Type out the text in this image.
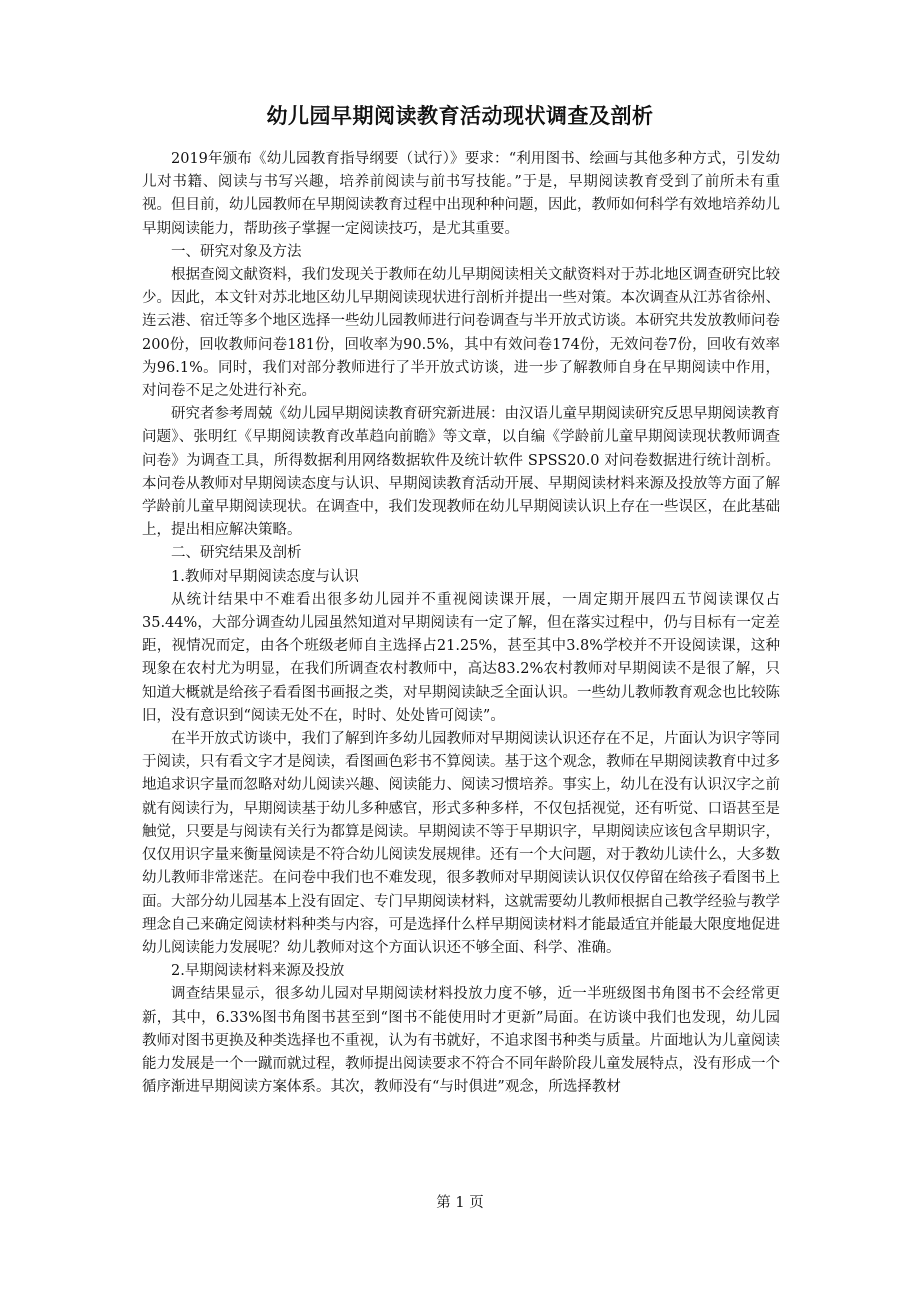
幼儿园早期阅读教育活动现状调查及剖析

2019年颁布《幼儿园教育指导纲要（试行）》要求：“利用图书、绘画与其他多种方式，引发幼儿对书籍、阅读与书写兴趣，培养前阅读与前书写技能。”于是，早期阅读教育受到了前所未有重视。但目前，幼儿园教师在早期阅读教育过程中出现种种问题，因此，教师如何科学有效地培养幼儿早期阅读能力，帮助孩子掌握一定阅读技巧，是尤其重要。

一、研究对象及方法

根据查阅文献资料，我们发现关于教师在幼儿早期阅读相关文献资料对于苏北地区调查研究比较少。因此，本文针对苏北地区幼儿早期阅读现状进行剖析并提出一些对策。本次调查从江苏省徐州、连云港、宿迁等多个地区选择一些幼儿园教师进行问卷调查与半开放式访谈。本研究共发放教师问卷200份，回收教师问卷181份，回收率为90.5%，其中有效问卷174份，无效问卷7份，回收有效率为96.1%。同时，我们对部分教师进行了半开放式访谈，进一步了解教师自身在早期阅读中作用，对问卷不足之处进行补充。

研究者参考周兢《幼儿园早期阅读教育研究新进展：由汉语儿童早期阅读研究反思早期阅读教育问题》、张明红《早期阅读教育改革趋向前瞻》等文章，以自编《学龄前儿童早期阅读现状教师调查问卷》为调查工具，所得数据利用网络数据软件及统计软件 SPSS20.0 对问卷数据进行统计剖析。本问卷从教师对早期阅读态度与认识、早期阅读教育活动开展、早期阅读材料来源及投放等方面了解学龄前儿童早期阅读现状。在调查中，我们发现教师在幼儿早期阅读认识上存在一些误区，在此基础上，提出相应解决策略。

二、研究结果及剖析

1.教师对早期阅读态度与认识

从统计结果中不难看出很多幼儿园并不重视阅读课开展，一周定期开展四五节阅读课仅占35.44%，大部分调查幼儿园虽然知道对早期阅读有一定了解，但在落实过程中，仍与目标有一定差距，视情况而定，由各个班级老师自主选择占21.25%，甚至其中3.8%学校并不开设阅读课，这种现象在农村尤为明显，在我们所调查农村教师中，高达83.2%农村教师对早期阅读不是很了解，只知道大概就是给孩子看看图书画报之类，对早期阅读缺乏全面认识。一些幼儿教师教育观念也比较陈旧，没有意识到“阅读无处不在，时时、处处皆可阅读”。

在半开放式访谈中，我们了解到许多幼儿园教师对早期阅读认识还存在不足，片面认为识字等同于阅读，只有看文字才是阅读，看图画色彩书不算阅读。基于这个观念，教师在早期阅读教育中过多地追求识字量而忽略对幼儿阅读兴趣、阅读能力、阅读习惯培养。事实上，幼儿在没有认识汉字之前就有阅读行为，早期阅读基于幼儿多种感官，形式多种多样，不仅包括视觉，还有听觉、口语甚至是触觉，只要是与阅读有关行为都算是阅读。早期阅读不等于早期识字，早期阅读应该包含早期识字，仅仅用识字量来衡量阅读是不符合幼儿阅读发展规律。还有一个大问题，对于教幼儿读什么，大多数幼儿教师非常迷茫。在问卷中我们也不难发现，很多教师对早期阅读认识仅仅停留在给孩子看图书上面。大部分幼儿园基本上没有固定、专门早期阅读材料，这就需要幼儿教师根据自己教学经验与教学理念自己来确定阅读材料种类与内容，可是选择什么样早期阅读材料才能最适宜并能最大限度地促进幼儿阅读能力发展呢？幼儿教师对这个方面认识还不够全面、科学、准确。

2.早期阅读材料来源及投放

调查结果显示，很多幼儿园对早期阅读材料投放力度不够，近一半班级图书角图书不会经常更新，其中，6.33%图书角图书甚至到“图书不能使用时才更新”局面。在访谈中我们也发现，幼儿园教师对图书更换及种类选择也不重视，认为有书就好，不追求图书种类与质量。片面地认为儿童阅读能力发展是一个一蹴而就过程，教师提出阅读要求不符合不同年龄阶段儿童发展特点，没有形成一个循序渐进早期阅读方案体系。其次，教师没有“与时俱进”观念，所选择教材

第 1 页
